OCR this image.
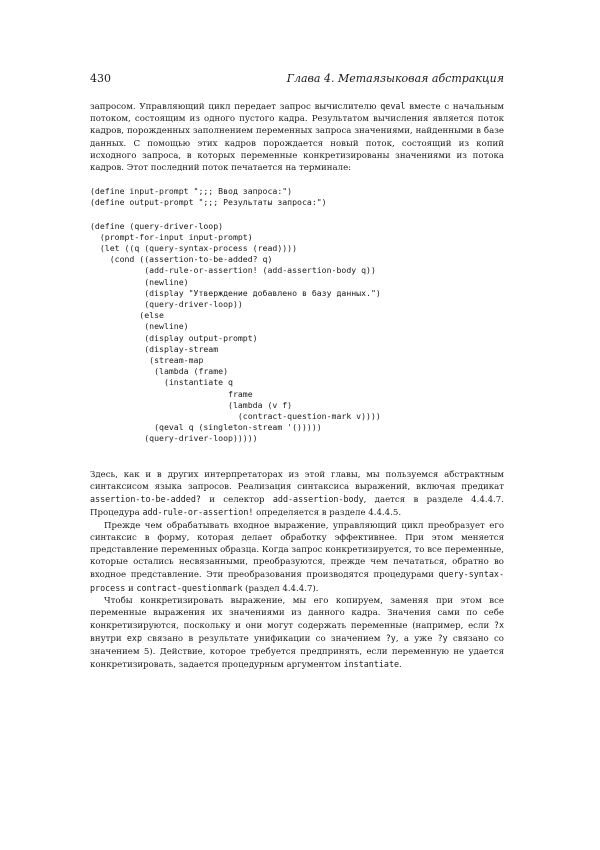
430	Глава 4. Метаязыковая абстракция

запросом. Управляющий цикл передает запрос вычислителю qeval вместе с начальным потоком, состоящим из одного пустого кадра. Результатом вычисления является поток кадров, порожденных заполнением переменных запроса значениями, найденными в базе данных. С помощью этих кадров порождается новый поток, состоящий из копий исходного запроса, в которых переменные конкретизированы значениями из потока кадров. Этот последний поток печатается на терминале:

(define input-prompt ";;; Ввод запроса:")
(define output-prompt ";;; Результаты запроса:")
(define (query-driver-loop)
(prompt-for-input input-prompt)
(let ((q (query-syntax-process (read))))
(cond ((assertion-to-be-added? q)
(add-rule-or-assertion! (add-assertion-body q))
(newline)
(display "Утверждение добавлено в базу данных.")
(query-driver-loop))
(else
(newline)
(display output-prompt)
(display-stream
(stream-map
(lambda (frame)
(instantiate q
frame
(lambda (v f)
(contract-question-mark v))))
(qeval q (singleton-stream '()))))
(query-driver-loop)))))

Здесь, как и в других интерпретаторах из этой главы, мы пользуемся абстрактным синтаксисом языка запросов. Реализация синтаксиса выражений, включая предикат assertion-to-be-added? и селектор add-assertion-body, дается в разделе 4.4.4.7. Процедура add-rule-or-assertion! определяется в разделе 4.4.4.5.

Прежде чем обрабатывать входное выражение, управляющий цикл преобразует его синтаксис в форму, которая делает обработку эффективнее. При этом меняется представление переменных образца. Когда запрос конкретизируется, то все переменные, которые остались несвязанными, преобразуются, прежде чем печататься, обратно во входное представление. Эти преобразования производятся процедурами query-syntax-process и contract-questionmark (раздел 4.4.4.7).

Чтобы конкретизировать выражение, мы его копируем, заменяя при этом все переменные выражения их значениями из данного кадра. Значения сами по себе конкретизируются, поскольку и они могут содержать переменные (например, если ?x внутри exp связано в результате унификации со значением ?y, а уже ?y связано со значением 5). Действие, которое требуется предпринять, если переменную не удается конкретизировать, задается процедурным аргументом instantiate.
